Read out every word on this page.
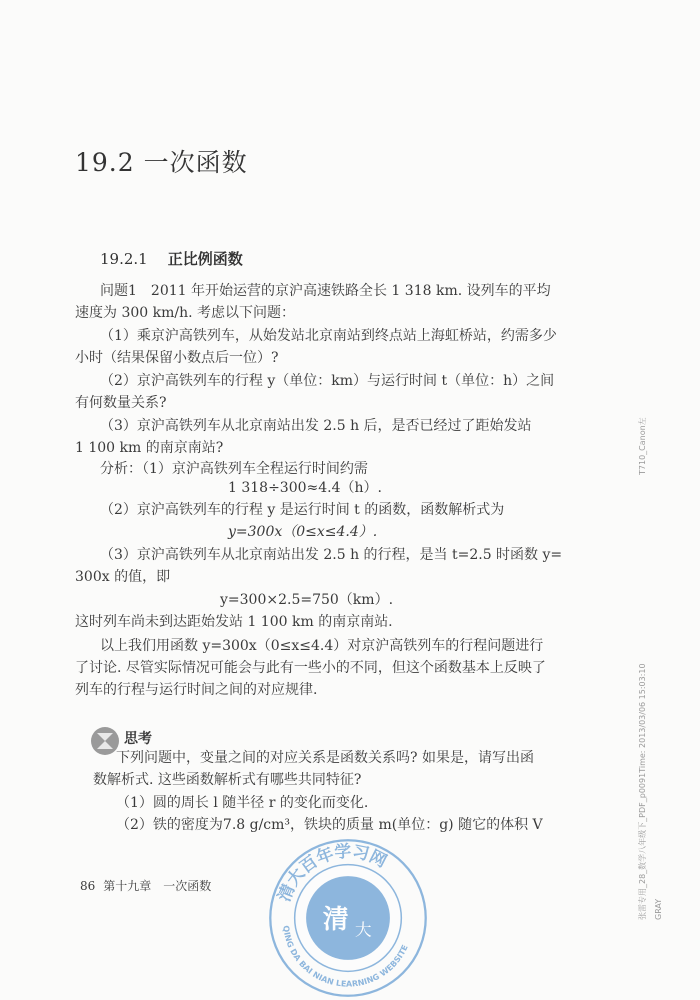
19.2 一次函数
19.2.1 正比例函数
问题1　2011 年开始运营的京沪高速铁路全长 1 318 km. 设列车的平均
速度为 300 km/h. 考虑以下问题：
（1）乘京沪高铁列车，从始发站北京南站到终点站上海虹桥站，约需多少
小时（结果保留小数点后一位）?
（2）京沪高铁列车的行程 y（单位：km）与运行时间 t（单位：h）之间
有何数量关系?
（3）京沪高铁列车从北京南站出发 2.5 h 后，是否已经过了距始发站
1 100 km 的南京南站?
分析：（1）京沪高铁列车全程运行时间约需
1 318÷300≈4.4（h）.
（2）京沪高铁列车的行程 y 是运行时间 t 的函数，函数解析式为
y=300x（0≤x≤4.4）.
（3）京沪高铁列车从北京南站出发 2.5 h 的行程，是当 t=2.5 时函数 y=
300x 的值，即
y=300×2.5=750（km）.
这时列车尚未到达距始发站 1 100 km 的南京南站.
以上我们用函数 y=300x（0≤x≤4.4）对京沪高铁列车的行程问题进行
了讨论. 尽管实际情况可能会与此有一些小的不同，但这个函数基本上反映了
列车的行程与运行时间之间的对应规律.
思考
下列问题中，变量之间的对应关系是函数关系吗? 如果是，请写出函
数解析式. 这些函数解析式有哪些共同特征?
（1）圆的周长 l 随半径 r 的变化而变化.
（2）铁的密度为7.8 g/cm³，铁块的质量 m(单位：g) 随它的体积 V
86 第十九章　一次函数
T710_Canon左
张雷专用_28_数学八年级下_PDF_p0091Time: 2013/03/06 15:03:10 GRAY
清 大
清大百年学习网
QING DA BAI NIAN LEARNING WEBSITE
